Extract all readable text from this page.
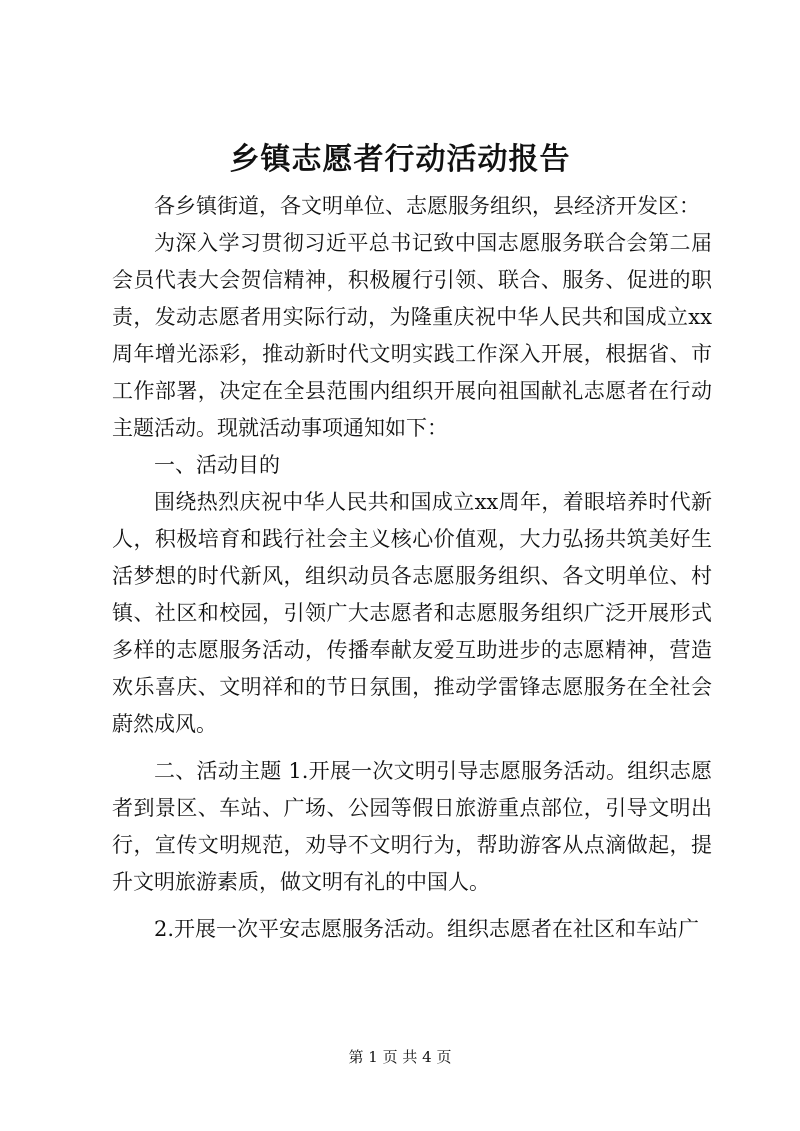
乡镇志愿者行动活动报告

各乡镇街道，各文明单位、志愿服务组织，县经济开发区：

为深入学习贯彻习近平总书记致中国志愿服务联合会第二届会员代表大会贺信精神，积极履行引领、联合、服务、促进的职责，发动志愿者用实际行动，为隆重庆祝中华人民共和国成立xx周年增光添彩，推动新时代文明实践工作深入开展，根据省、市工作部署，决定在全县范围内组织开展向祖国献礼志愿者在行动主题活动。现就活动事项通知如下：

一、活动目的

围绕热烈庆祝中华人民共和国成立xx周年，着眼培养时代新人，积极培育和践行社会主义核心价值观，大力弘扬共筑美好生活梦想的时代新风，组织动员各志愿服务组织、各文明单位、村镇、社区和校园，引领广大志愿者和志愿服务组织广泛开展形式多样的志愿服务活动，传播奉献友爱互助进步的志愿精神，营造欢乐喜庆、文明祥和的节日氛围，推动学雷锋志愿服务在全社会蔚然成风。

二、活动主题 1.开展一次文明引导志愿服务活动。组织志愿者到景区、车站、广场、公园等假日旅游重点部位，引导文明出行，宣传文明规范，劝导不文明行为，帮助游客从点滴做起，提升文明旅游素质，做文明有礼的中国人。

2.开展一次平安志愿服务活动。组织志愿者在社区和车站广

第 1 页 共 4 页
